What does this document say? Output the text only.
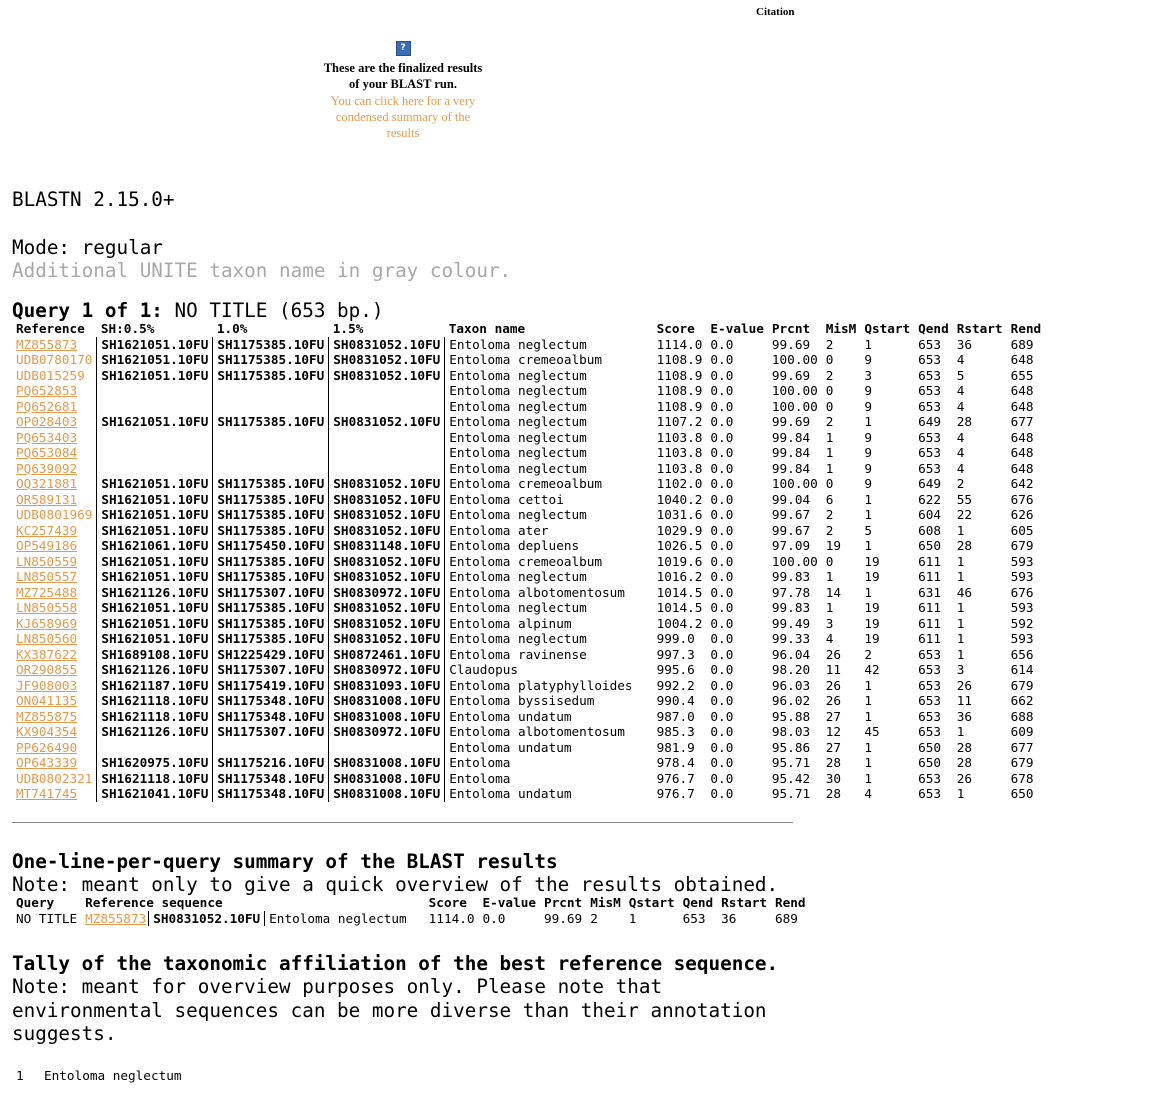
Citation
?
These are the finalized results of your BLAST run.
You can click here for a very condensed summary of the results
BLASTN 2.15.0+
Mode: regular
Additional UNITE taxon name in gray colour.
Query 1 of 1: NO TITLE (653 bp.)
Reference	SH:0.5%	1.0%	1.5%	Taxon name	Score	E-value	Prcnt	MisM	Qstart	Qend	Rstart	Rend
MZ855873	SH1621051.10FU	SH1175385.10FU	SH0831052.10FU	Entoloma neglectum	1114.0	0.0	99.69	2	1	653	36	689
UDB0780170	SH1621051.10FU	SH1175385.10FU	SH0831052.10FU	Entoloma cremeoalbum	1108.9	0.0	100.00	0	9	653	4	648
UDB015259	SH1621051.10FU	SH1175385.10FU	SH0831052.10FU	Entoloma neglectum	1108.9	0.0	99.69	2	3	653	5	655
PQ652853				Entoloma neglectum	1108.9	0.0	100.00	0	9	653	4	648
PQ652681				Entoloma neglectum	1108.9	0.0	100.00	0	9	653	4	648
OP028403	SH1621051.10FU	SH1175385.10FU	SH0831052.10FU	Entoloma neglectum	1107.2	0.0	99.69	2	1	649	28	677
PQ653403				Entoloma neglectum	1103.8	0.0	99.84	1	9	653	4	648
PQ653084				Entoloma neglectum	1103.8	0.0	99.84	1	9	653	4	648
PQ639092				Entoloma neglectum	1103.8	0.0	99.84	1	9	653	4	648
OQ321881	SH1621051.10FU	SH1175385.10FU	SH0831052.10FU	Entoloma cremeoalbum	1102.0	0.0	100.00	0	9	649	2	642
OR589131	SH1621051.10FU	SH1175385.10FU	SH0831052.10FU	Entoloma cettoi	1040.2	0.0	99.04	6	1	622	55	676
UDB0801969	SH1621051.10FU	SH1175385.10FU	SH0831052.10FU	Entoloma neglectum	1031.6	0.0	99.67	2	1	604	22	626
KC257439	SH1621051.10FU	SH1175385.10FU	SH0831052.10FU	Entoloma ater	1029.9	0.0	99.67	2	5	608	1	605
OP549186	SH1621061.10FU	SH1175450.10FU	SH0831148.10FU	Entoloma depluens	1026.5	0.0	97.09	19	1	650	28	679
LN850559	SH1621051.10FU	SH1175385.10FU	SH0831052.10FU	Entoloma cremeoalbum	1019.6	0.0	100.00	0	19	611	1	593
LN850557	SH1621051.10FU	SH1175385.10FU	SH0831052.10FU	Entoloma neglectum	1016.2	0.0	99.83	1	19	611	1	593
MZ725488	SH1621126.10FU	SH1175307.10FU	SH0830972.10FU	Entoloma albotomentosum	1014.5	0.0	97.78	14	1	631	46	676
LN850558	SH1621051.10FU	SH1175385.10FU	SH0831052.10FU	Entoloma neglectum	1014.5	0.0	99.83	1	19	611	1	593
KJ658969	SH1621051.10FU	SH1175385.10FU	SH0831052.10FU	Entoloma alpinum	1004.2	0.0	99.49	3	19	611	1	592
LN850560	SH1621051.10FU	SH1175385.10FU	SH0831052.10FU	Entoloma neglectum	999.0	0.0	99.33	4	19	611	1	593
KX387622	SH1689108.10FU	SH1225429.10FU	SH0872461.10FU	Entoloma ravinense	997.3	0.0	96.04	26	2	653	1	656
OR290855	SH1621126.10FU	SH1175307.10FU	SH0830972.10FU	Claudopus	995.6	0.0	98.20	11	42	653	3	614
JF908003	SH1621187.10FU	SH1175419.10FU	SH0831093.10FU	Entoloma platyphylloides	992.2	0.0	96.03	26	1	653	26	679
ON041135	SH1621118.10FU	SH1175348.10FU	SH0831008.10FU	Entoloma byssisedum	990.4	0.0	96.02	26	1	653	11	662
MZ855875	SH1621118.10FU	SH1175348.10FU	SH0831008.10FU	Entoloma undatum	987.0	0.0	95.88	27	1	653	36	688
KX904354	SH1621126.10FU	SH1175307.10FU	SH0830972.10FU	Entoloma albotomentosum	985.3	0.0	98.03	12	45	653	1	609
PP626490				Entoloma undatum	981.9	0.0	95.86	27	1	650	28	677
OP643339	SH1620975.10FU	SH1175216.10FU	SH0831008.10FU	Entoloma	978.4	0.0	95.71	28	1	650	28	679
UDB0802321	SH1621118.10FU	SH1175348.10FU	SH0831008.10FU	Entoloma	976.7	0.0	95.42	30	1	653	26	678
MT741745	SH1621041.10FU	SH1175348.10FU	SH0831008.10FU	Entoloma undatum	976.7	0.0	95.71	28	4	653	1	650
One-line-per-query summary of the BLAST results
Note: meant only to give a quick overview of the results obtained.
Query	Reference sequence			Score	E-value	Prcnt	MisM	Qstart	Qend	Rstart	Rend
NO TITLE	MZ855873	SH0831052.10FU	Entoloma neglectum	1114.0	0.0	99.69	2	1	653	36	689
Tally of the taxonomic affiliation of the best reference sequence.
Note: meant for overview purposes only. Please note that environmental sequences can be more diverse than their annotation suggests.
1 Entoloma neglectum
